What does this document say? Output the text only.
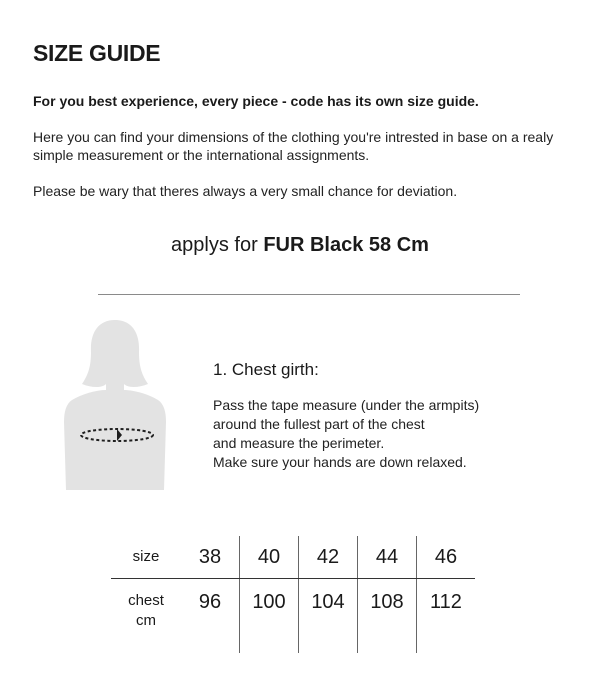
SIZE GUIDE

For you best experience, every piece - code has its own size guide.

Here you can find your dimensions of the clothing you're intrested in base on a realy simple measurement or the international assignments.

Please be wary that theres always a very small chance for deviation.

applys for FUR Black 58 Cm

1. Chest girth:
Pass the tape measure (under the armpits)
around the fullest part of the chest
and measure the perimeter.
Make sure your hands are down relaxed.
size	38	40	42	44	46
chest
cm	96	100	104	108	112
